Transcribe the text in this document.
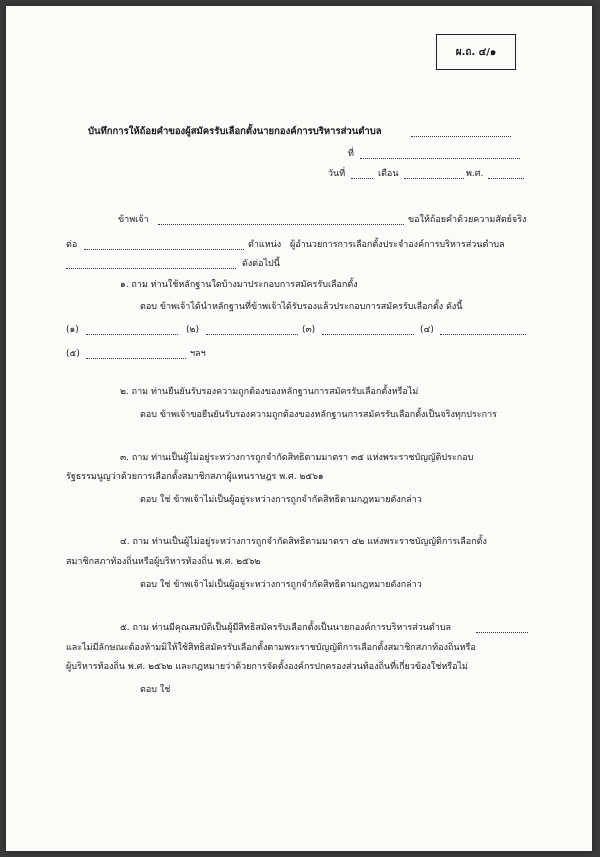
ผ.ถ. ๔/๑
บันทึกการให้ถ้อยคำของผู้สมัครรับเลือกตั้งนายกองค์การบริหารส่วนตำบล
ที่
วันที่	เดือน	พ.ศ.
ข้าพเจ้า	ขอให้ถ้อยคำด้วยความสัตย์จริง
ต่อ	ตำแหน่ง ผู้อำนวยการการเลือกตั้งประจำองค์การบริหารส่วนตำบล
ดังต่อไปนี้
๑. ถาม ท่านใช้หลักฐานใดบ้างมาประกอบการสมัครรับเลือกตั้ง
ตอบ ข้าพเจ้าได้นำหลักฐานที่ข้าพเจ้าได้รับรองแล้วประกอบการสมัครรับเลือกตั้ง ดังนี้
(๑)	(๒)	(๓)	(๔)
(๕)	ฯลฯ
๒. ถาม ท่านยืนยันรับรองความถูกต้องของหลักฐานการสมัครรับเลือกตั้งหรือไม่
ตอบ ข้าพเจ้าขอยืนยันรับรองความถูกต้องของหลักฐานการสมัครรับเลือกตั้งเป็นจริงทุกประการ
๓. ถาม ท่านเป็นผู้ไม่อยู่ระหว่างการถูกจำกัดสิทธิตามมาตรา ๓๕ แห่งพระราชบัญญัติประกอบ
รัฐธรรมนูญว่าด้วยการเลือกตั้งสมาชิกสภาผู้แทนราษฎร พ.ศ. ๒๕๖๑
ตอบ ใช่ ข้าพเจ้าไม่เป็นผู้อยู่ระหว่างการถูกจำกัดสิทธิตามกฎหมายดังกล่าว
๔. ถาม ท่านเป็นผู้ไม่อยู่ระหว่างการถูกจำกัดสิทธิตามมาตรา ๔๒ แห่งพระราชบัญญัติการเลือกตั้ง
สมาชิกสภาท้องถิ่นหรือผู้บริหารท้องถิ่น พ.ศ. ๒๕๖๒
ตอบ ใช่ ข้าพเจ้าไม่เป็นผู้อยู่ระหว่างการถูกจำกัดสิทธิตามกฎหมายดังกล่าว
๕. ถาม ท่านมีคุณสมบัติเป็นผู้มีสิทธิสมัครรับเลือกตั้งเป็นนายกองค์การบริหารส่วนตำบล
และไม่มีลักษณะต้องห้ามมิให้ใช้สิทธิสมัครรับเลือกตั้งตามพระราชบัญญัติการเลือกตั้งสมาชิกสภาท้องถิ่นหรือ
ผู้บริหารท้องถิ่น พ.ศ. ๒๕๖๒ และกฎหมายว่าด้วยการจัดตั้งองค์กรปกครองส่วนท้องถิ่นที่เกี่ยวข้องใช่หรือไม่
ตอบ ใช่
